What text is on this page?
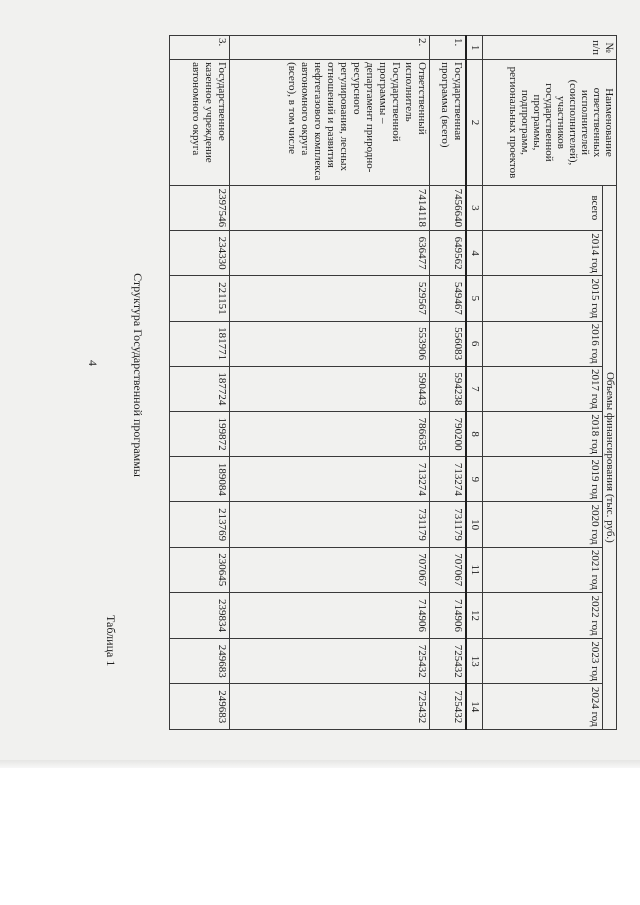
4
Таблица 1
Структура Государственной программы
№ п/п	Наименование ответственных исполнителей (соисполнителей), участников государственной программы, подпрограмм, региональных проектов	Объемы финансирования (тыс. руб.)											
		всего	2014 год	2015 год	2016 год	2017 год	2018 год	2019 год	2020 год	2021 год	2022 год	2023 год	2024 год
1	2	3	4	5	6	7	8	9	10	11	12	13	14
1.	Государственная программа (всего)	7456640	649562	549467	556083	594238	790200	713274	731179	707067	714906	725432	725432
2.	Ответственный исполнитель Государственной программы – департамент природно-ресурсного регулирования, лесных отношений и развития нефтегазового комплекса автономного округа (всего), в том числе	7414118	636477	529567	553906	590443	786635	713274	731179	707067	714906	725432	725432
3.	Государственное казенное учреждение автономного округа	2397546	234330	221151	181771	187724	199872	189084	213769	230645	239834	249683	249683
